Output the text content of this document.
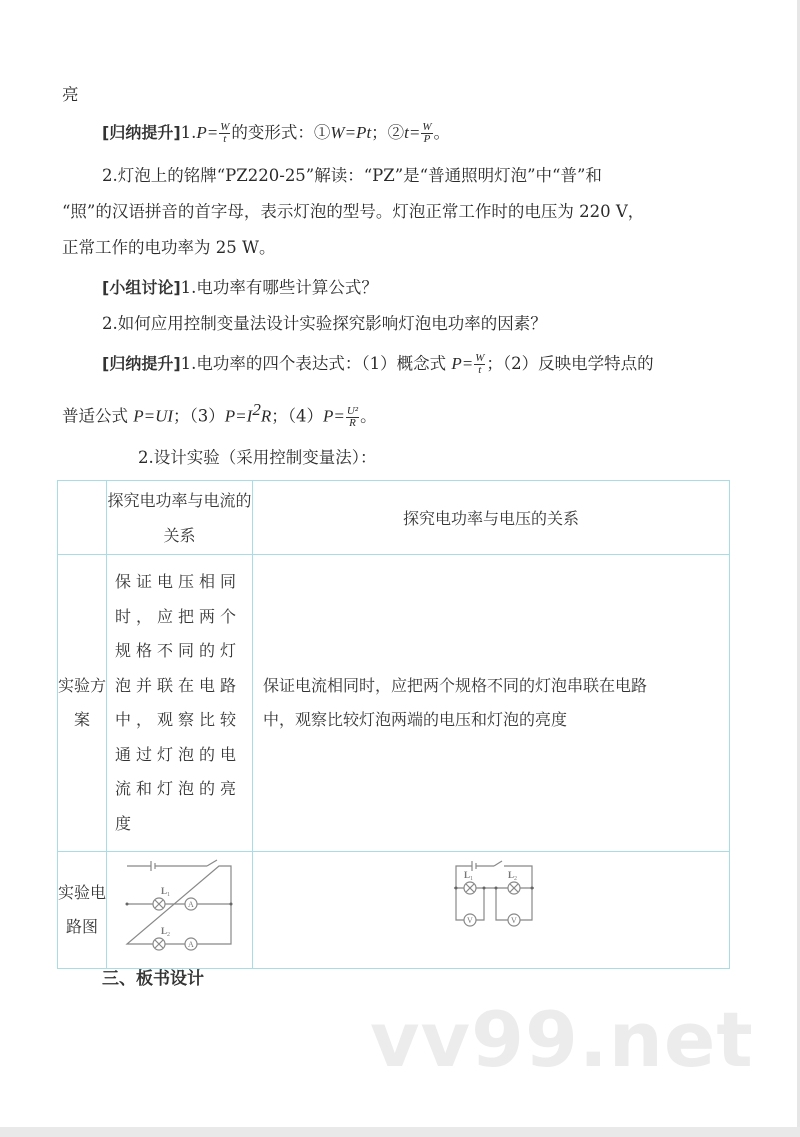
亮
[归纳提升]$1.P= \frac{W}{t}$ 的变形式：①W=Pt；②t= $\frac{W}{P}$ 。
2.灯泡上的铭牌“PZ220-25”解读：“PZ”是“普通照明灯泡”中“普”和
“照”的汉语拼音的首字母，表示灯泡的型号。灯泡正常工作时的电压为 220 V，
正常工作的电功率为 25 W。
[小组讨论]1.电功率有哪些计算公式？
2.如何应用控制变量法设计实验探究影响灯泡电功率的因素？
[归纳提升]1.电功率的四个表达式：（1）概念式 $P= \frac{W}{t}$ ；（2）反映电学特点的
普适公式 P=UI；$(3)P=I^2R$；$(4)P= \frac{\text{U²}}{R}$ 。
2.设计实验（采用控制变量法）：
	探究电功率与电流的关系	探究电功率与电压的关系
实验方案	保证电压相同时，应把两个规格不同的灯泡并联在电路中，观察比较通过灯泡的电流和灯泡的亮度	保证电流相同时，应把两个规格不同的灯泡串联在电路
中，观察比较灯泡两端的电压和灯泡的亮度

实验电路图	
A
A
L 1
L 2

V	V
L 1	L 2
三、板书设计
vv99.net
